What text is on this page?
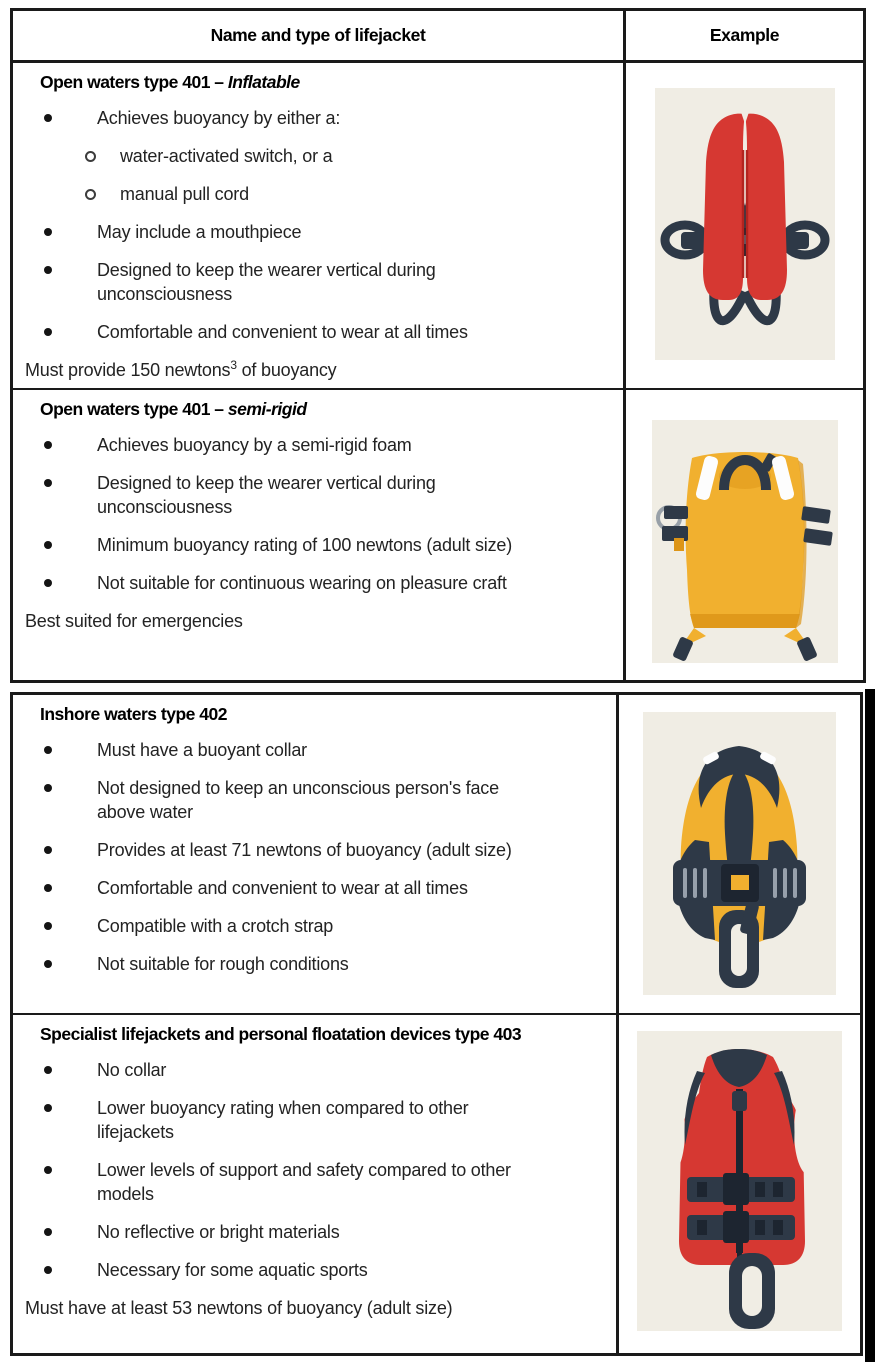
Name and type of lifejacket	Example
Open waters type 401 – Inflatable
Achieves buoyancy by either a:
water-activated switch, or a
manual pull cord
May include a mouthpiece
Designed to keep the wearer vertical during unconsciousness
Comfortable and convenient to wear at all times
Must provide 150 newtons$^3$ of buoyancy
Open waters type 401 – semi-rigid
Achieves buoyancy by a semi-rigid foam
Designed to keep the wearer vertical during unconsciousness
Minimum buoyancy rating of 100 newtons (adult size)
Not suitable for continuous wearing on pleasure craft
Best suited for emergencies
Inshore waters type 402
Must have a buoyant collar
Not designed to keep an unconscious person's face above water
Provides at least 71 newtons of buoyancy (adult size)
Comfortable and convenient to wear at all times
Compatible with a crotch strap
Not suitable for rough conditions
Specialist lifejackets and personal floatation devices type 403
No collar
Lower buoyancy rating when compared to other lifejackets
Lower levels of support and safety compared to other models
No reflective or bright materials
Necessary for some aquatic sports
Must have at least 53 newtons of buoyancy (adult size)
